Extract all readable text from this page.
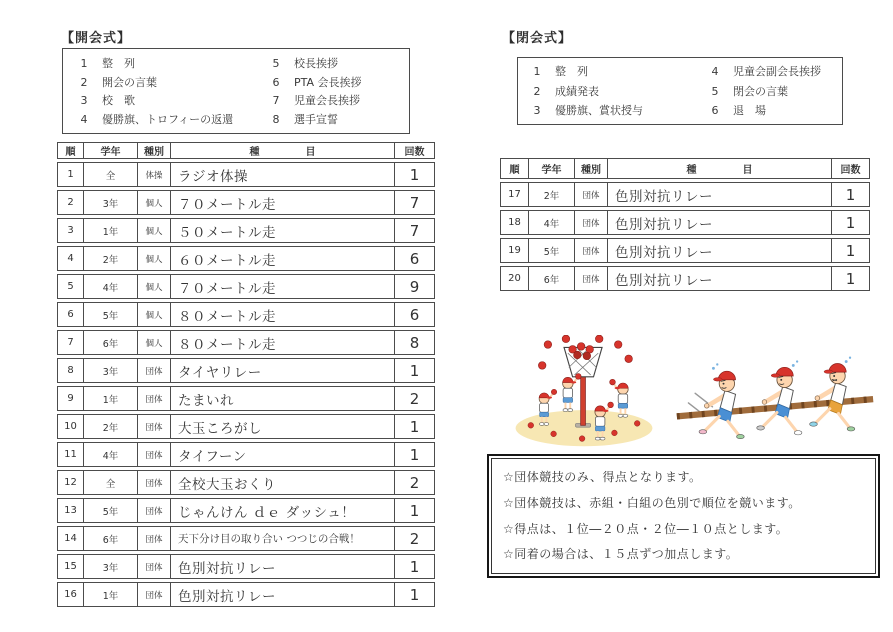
【開会式】
1 整　列
2 開会の言葉
3 校　歌
4 優勝旗、トロフィーの返還
5 校長挨拶
6 PTA 会長挨拶
7 児童会長挨拶
8 選手宣誓
順	学年	種別	種 目	回数
1	全	体操	ラジオ体操	1
2	3年	個人	７０メートル走	7
3	1年	個人	５０メートル走	7
4	2年	個人	６０メートル走	6
5	4年	個人	７０メートル走	9
6	5年	個人	８０メートル走	6
7	6年	個人	８０メートル走	8
8	3年	団体	タイヤリレー	1
9	1年	団体	たまいれ	2
10	2年	団体	大玉ころがし	1
11	4年	団体	タイフーン	1
12	全	団体	全校大玉おくり	2
13	5年	団体	じゃんけん ｄｅ ダッシュ！	1
14	6年	団体	天下分け目の取り合い つつじの合戦！	2
15	3年	団体	色別対抗リレー	1
16	1年	団体	色別対抗リレー	1
【閉会式】
1 整　列
2 成績発表
3 優勝旗、賞状授与
4 児童会副会長挨拶
5 閉会の言葉
6 退　場
順	学年	種別	種 目	回数
17	2年	団体	色別対抗リレー	1
18	4年	団体	色別対抗リレー	1
19	5年	団体	色別対抗リレー	1
20	6年	団体	色別対抗リレー	1
☆団体競技のみ、得点となります。
☆団体競技は、赤組・白組の色別で順位を競います。
☆得点は、１位―２０点・２位―１０点とします。
☆同着の場合は、１５点ずつ加点します。
